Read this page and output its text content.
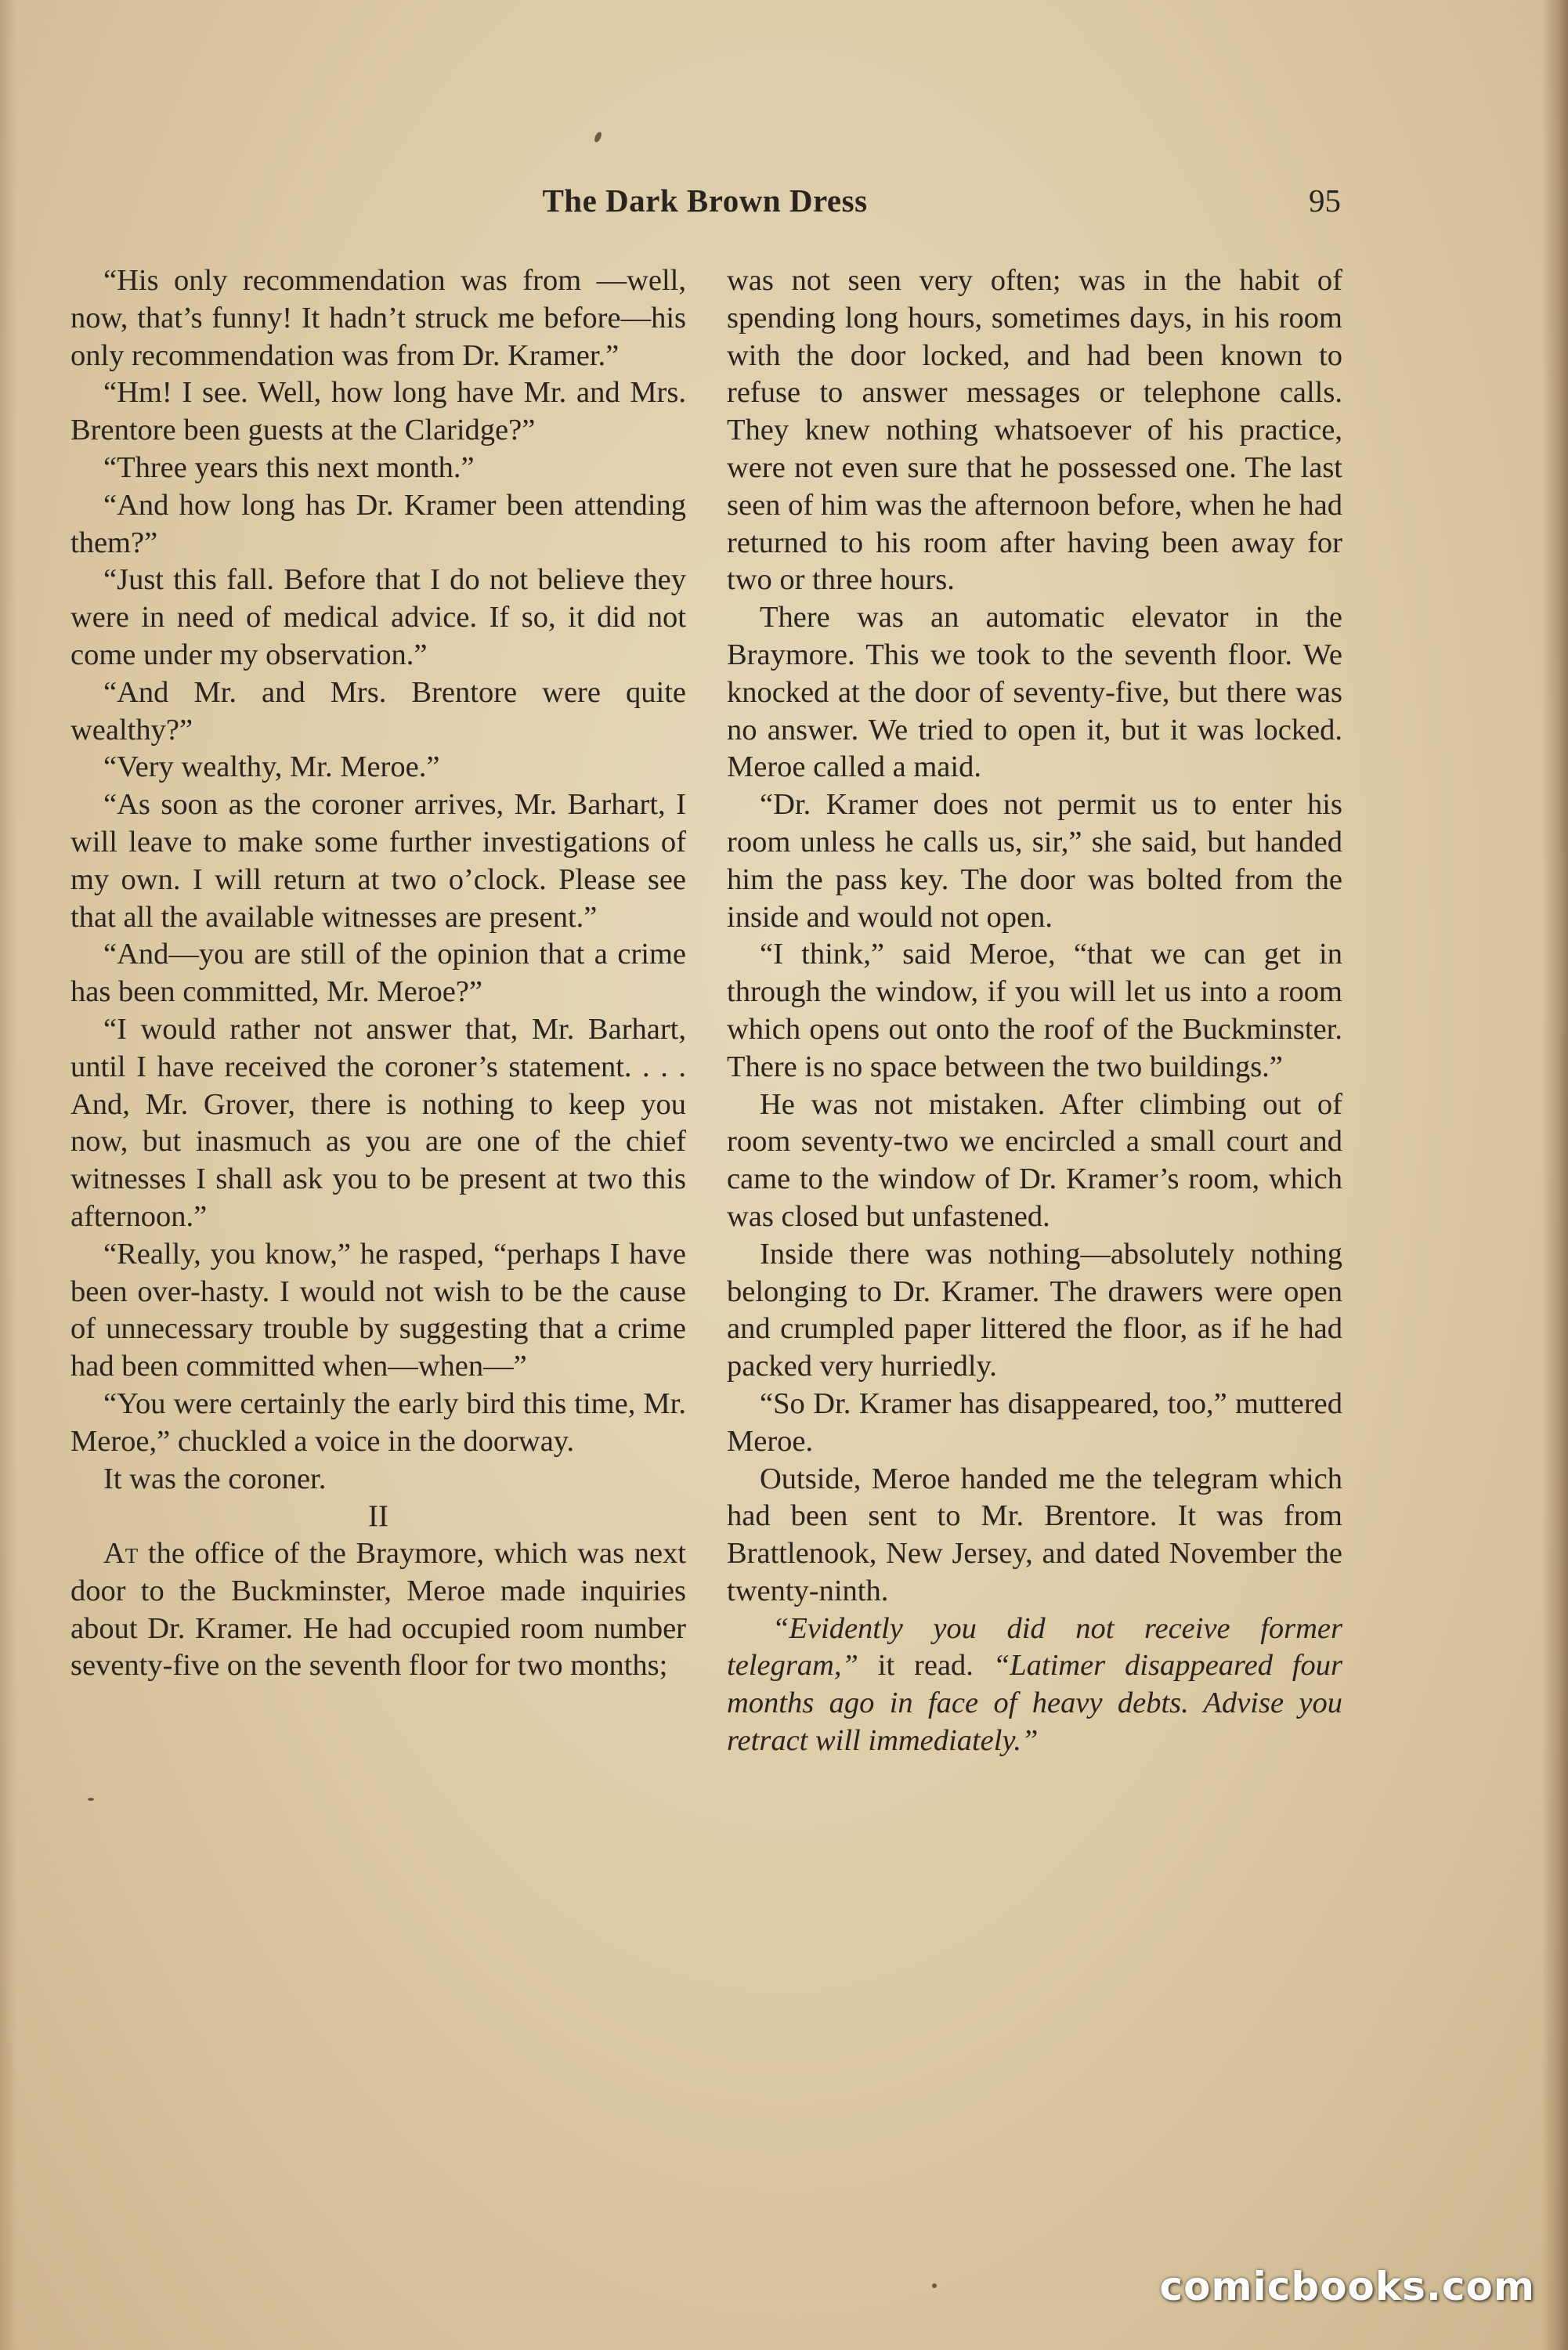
The Dark Brown Dress	95

“His only recommendation was from —well, now, that’s funny! It hadn’t struck me before—his only recommendation was from Dr. Kramer.”

“Hm! I see. Well, how long have Mr. and Mrs. Brentore been guests at the Claridge?”

“Three years this next month.”

“And how long has Dr. Kramer been attending them?”

“Just this fall. Before that I do not believe they were in need of medical advice. If so, it did not come under my observation.”

“And Mr. and Mrs. Brentore were quite wealthy?”

“Very wealthy, Mr. Meroe.”

“As soon as the coroner arrives, Mr. Barhart, I will leave to make some further investigations of my own. I will return at two o’clock. Please see that all the available witnesses are present.”

“And—you are still of the opinion that a crime has been committed, Mr. Meroe?”

“I would rather not answer that, Mr. Barhart, until I have received the coroner’s statement. . . . And, Mr. Grover, there is nothing to keep you now, but inasmuch as you are one of the chief witnesses I shall ask you to be present at two this afternoon.”

“Really, you know,” he rasped, “perhaps I have been over-hasty. I would not wish to be the cause of unnecessary trouble by suggesting that a crime had been committed when—when—”

“You were certainly the early bird this time, Mr. Meroe,” chuckled a voice in the doorway.

It was the coroner.

II

At the office of the Braymore, which was next door to the Buckminster, Meroe made inquiries about Dr. Kramer. He had occupied room number seventy-five on the seventh floor for two months;

was not seen very often; was in the habit of spending long hours, sometimes days, in his room with the door locked, and had been known to refuse to answer messages or telephone calls. They knew nothing whatsoever of his practice, were not even sure that he possessed one. The last seen of him was the afternoon before, when he had returned to his room after having been away for two or three hours.

There was an automatic elevator in the Braymore. This we took to the seventh floor. We knocked at the door of seventy-five, but there was no answer. We tried to open it, but it was locked. Meroe called a maid.

“Dr. Kramer does not permit us to enter his room unless he calls us, sir,” she said, but handed him the pass key. The door was bolted from the inside and would not open.

“I think,” said Meroe, “that we can get in through the window, if you will let us into a room which opens out onto the roof of the Buckminster. There is no space between the two buildings.”

He was not mistaken. After climbing out of room seventy-two we encircled a small court and came to the window of Dr. Kramer’s room, which was closed but unfastened.

Inside there was nothing—absolutely nothing belonging to Dr. Kramer. The drawers were open and crumpled paper littered the floor, as if he had packed very hurriedly.

“So Dr. Kramer has disappeared, too,” muttered Meroe.

Outside, Meroe handed me the telegram which had been sent to Mr. Brentore. It was from Brattlenook, New Jersey, and dated November the twenty-ninth.

“Evidently you did not receive former telegram,” it read. “Latimer disappeared four months ago in face of heavy debts. Advise you retract will immediately.”

comicbooks.com
